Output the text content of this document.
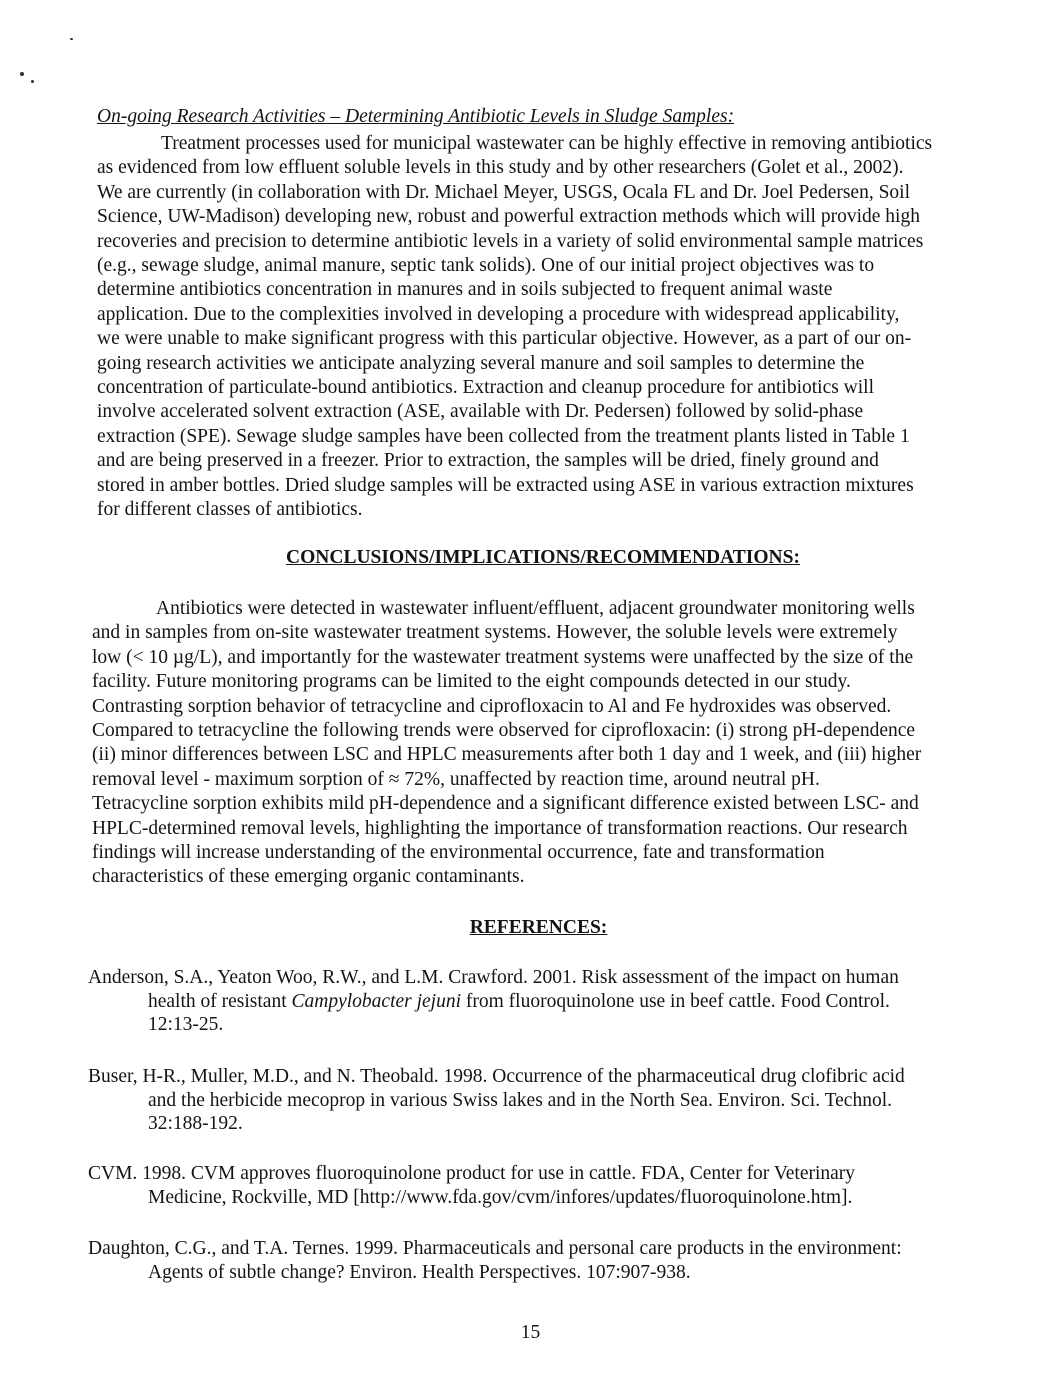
On-going Research Activities – Determining Antibiotic Levels in Sludge Samples:
Treatment processes used for municipal wastewater can be highly effective in removing antibiotics
as evidenced from low effluent soluble levels in this study and by other researchers (Golet et al., 2002).
We are currently (in collaboration with Dr. Michael Meyer, USGS, Ocala FL and Dr. Joel Pedersen, Soil
Science, UW-Madison) developing new, robust and powerful extraction methods which will provide high
recoveries and precision to determine antibiotic levels in a variety of solid environmental sample matrices
(e.g., sewage sludge, animal manure, septic tank solids). One of our initial project objectives was to
determine antibiotics concentration in manures and in soils subjected to frequent animal waste
application. Due to the complexities involved in developing a procedure with widespread applicability,
we were unable to make significant progress with this particular objective. However, as a part of our on-
going research activities we anticipate analyzing several manure and soil samples to determine the
concentration of particulate-bound antibiotics. Extraction and cleanup procedure for antibiotics will
involve accelerated solvent extraction (ASE, available with Dr. Pedersen) followed by solid-phase
extraction (SPE). Sewage sludge samples have been collected from the treatment plants listed in Table 1
and are being preserved in a freezer. Prior to extraction, the samples will be dried, finely ground and
stored in amber bottles. Dried sludge samples will be extracted using ASE in various extraction mixtures
for different classes of antibiotics.
CONCLUSIONS/IMPLICATIONS/RECOMMENDATIONS:
Antibiotics were detected in wastewater influent/effluent, adjacent groundwater monitoring wells
and in samples from on-site wastewater treatment systems. However, the soluble levels were extremely
low (< 10 µg/L), and importantly for the wastewater treatment systems were unaffected by the size of the
facility. Future monitoring programs can be limited to the eight compounds detected in our study.
Contrasting sorption behavior of tetracycline and ciprofloxacin to Al and Fe hydroxides was observed.
Compared to tetracycline the following trends were observed for ciprofloxacin: (i) strong pH-dependence
(ii) minor differences between LSC and HPLC measurements after both 1 day and 1 week, and (iii) higher
removal level - maximum sorption of ≈ 72%, unaffected by reaction time, around neutral pH.
Tetracycline sorption exhibits mild pH-dependence and a significant difference existed between LSC- and
HPLC-determined removal levels, highlighting the importance of transformation reactions. Our research
findings will increase understanding of the environmental occurrence, fate and transformation
characteristics of these emerging organic contaminants.
REFERENCES:
Anderson, S.A., Yeaton Woo, R.W., and L.M. Crawford. 2001. Risk assessment of the impact on human
health of resistant Campylobacter jejuni from fluoroquinolone use in beef cattle. Food Control.
12:13-25.
Buser, H-R., Muller, M.D., and N. Theobald. 1998. Occurrence of the pharmaceutical drug clofibric acid
and the herbicide mecoprop in various Swiss lakes and in the North Sea. Environ. Sci. Technol.
32:188-192.
CVM. 1998. CVM approves fluoroquinolone product for use in cattle. FDA, Center for Veterinary
Medicine, Rockville, MD [http://www.fda.gov/cvm/infores/updates/fluoroquinolone.htm].
Daughton, C.G., and T.A. Ternes. 1999. Pharmaceuticals and personal care products in the environment:
Agents of subtle change? Environ. Health Perspectives. 107:907-938.
15
